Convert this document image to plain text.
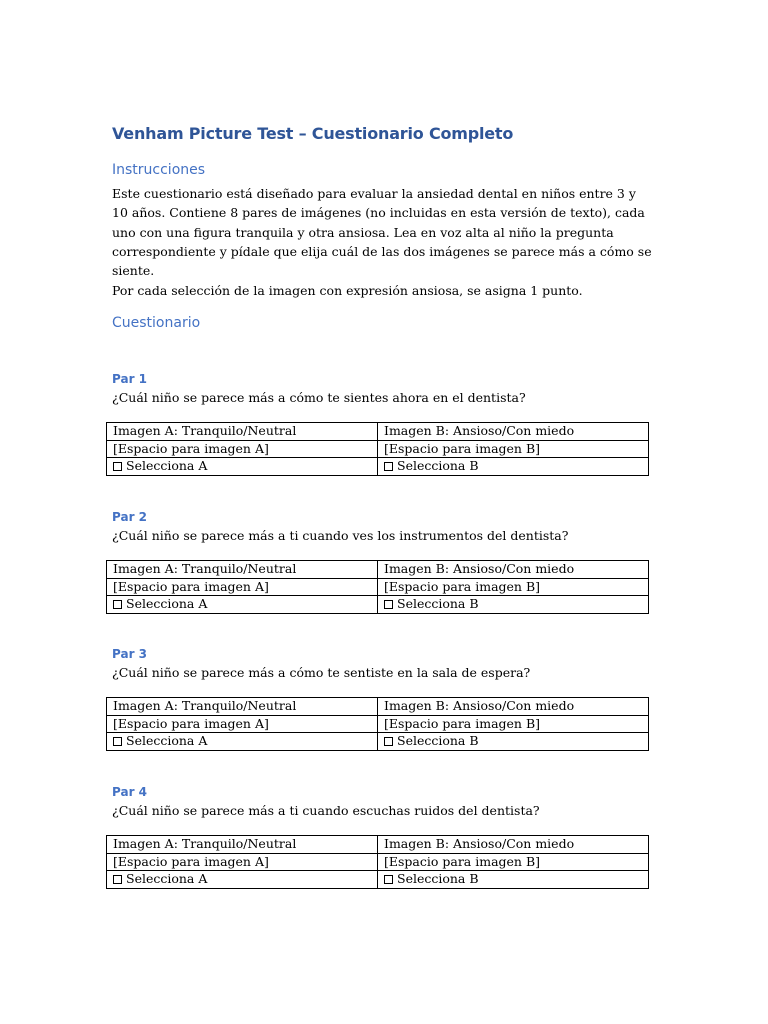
Venham Picture Test – Cuestionario Completo
Instrucciones
Este cuestionario está diseñado para evaluar la ansiedad dental en niños entre 3 y 10 años. Contiene 8 pares de imágenes (no incluidas en esta versión de texto), cada uno con una figura tranquila y otra ansiosa. Lea en voz alta al niño la pregunta correspondiente y pídale que elija cuál de las dos imágenes se parece más a cómo se siente.
Por cada selección de la imagen con expresión ansiosa, se asigna 1 punto.
Cuestionario
Par 1
¿Cuál niño se parece más a cómo te sientes ahora en el dentista?
Imagen A: Tranquilo/Neutral	Imagen B: Ansioso/Con miedo
[Espacio para imagen A]	[Espacio para imagen B]
Selecciona A	Selecciona B
Par 2
¿Cuál niño se parece más a ti cuando ves los instrumentos del dentista?
Imagen A: Tranquilo/Neutral	Imagen B: Ansioso/Con miedo
[Espacio para imagen A]	[Espacio para imagen B]
Selecciona A	Selecciona B
Par 3
¿Cuál niño se parece más a cómo te sentiste en la sala de espera?
Imagen A: Tranquilo/Neutral	Imagen B: Ansioso/Con miedo
[Espacio para imagen A]	[Espacio para imagen B]
Selecciona A	Selecciona B
Par 4
¿Cuál niño se parece más a ti cuando escuchas ruidos del dentista?
Imagen A: Tranquilo/Neutral	Imagen B: Ansioso/Con miedo
[Espacio para imagen A]	[Espacio para imagen B]
Selecciona A	Selecciona B
